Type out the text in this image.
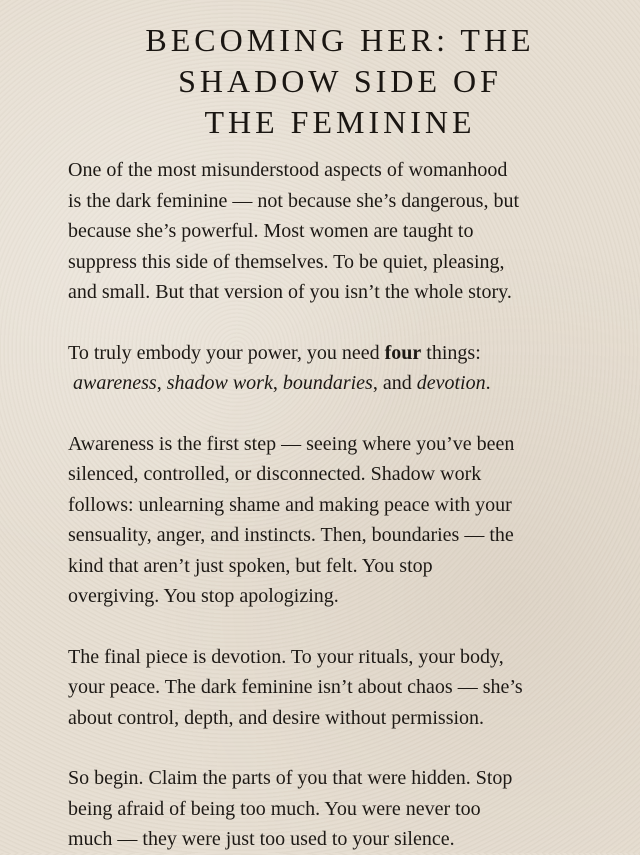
BECOMING HER: THE
SHADOW SIDE OF
THE FEMININE

One of the most misunderstood aspects of womanhood
is the dark feminine — not because she’s dangerous, but
because she’s powerful. Most women are taught to
suppress this side of themselves. To be quiet, pleasing,
and small. But that version of you isn’t the whole story.

To truly embody your power, you need four things:
awareness, shadow work, boundaries, and devotion.

Awareness is the first step — seeing where you’ve been
silenced, controlled, or disconnected. Shadow work
follows: unlearning shame and making peace with your
sensuality, anger, and instincts. Then, boundaries — the
kind that aren’t just spoken, but felt. You stop
overgiving. You stop apologizing.

The final piece is devotion. To your rituals, your body,
your peace. The dark feminine isn’t about chaos — she’s
about control, depth, and desire without permission.

So begin. Claim the parts of you that were hidden. Stop
being afraid of being too much. You were never too
much — they were just too used to your silence.
